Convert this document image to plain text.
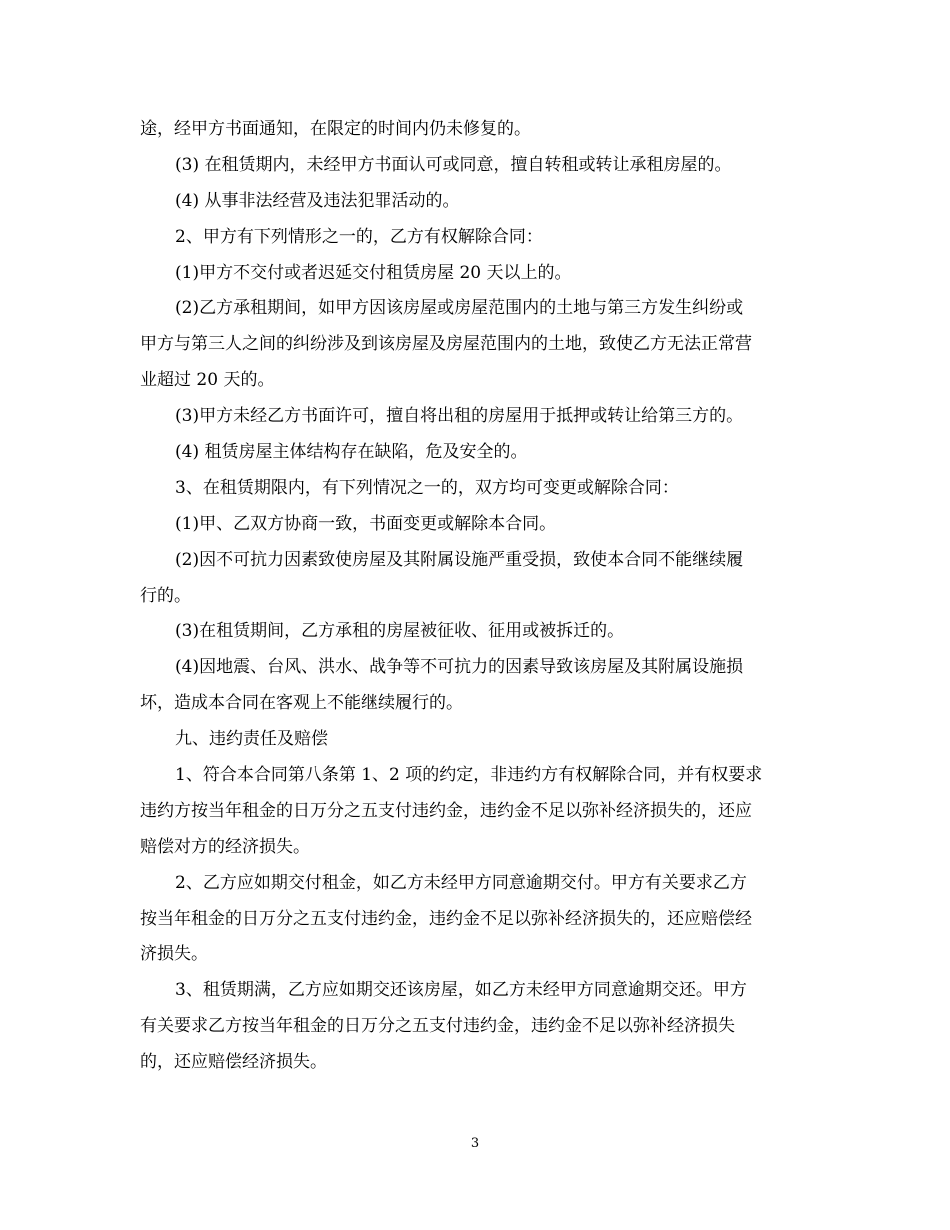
途，经甲方书面通知，在限定的时间内仍未修复的。
(3) 在租赁期内，未经甲方书面认可或同意，擅自转租或转让承租房屋的。
(4) 从事非法经营及违法犯罪活动的。
2、甲方有下列情形之一的，乙方有权解除合同：
(1)甲方不交付或者迟延交付租赁房屋 20 天以上的。
(2)乙方承租期间，如甲方因该房屋或房屋范围内的土地与第三方发生纠纷或
甲方与第三人之间的纠纷涉及到该房屋及房屋范围内的土地，致使乙方无法正常营
业超过 20 天的。
(3)甲方未经乙方书面许可，擅自将出租的房屋用于抵押或转让给第三方的。
(4) 租赁房屋主体结构存在缺陷，危及安全的。
3、在租赁期限内，有下列情况之一的，双方均可变更或解除合同：
(1)甲、乙双方协商一致，书面变更或解除本合同。
(2)因不可抗力因素致使房屋及其附属设施严重受损，致使本合同不能继续履
行的。
(3)在租赁期间，乙方承租的房屋被征收、征用或被拆迁的。
(4)因地震、台风、洪水、战争等不可抗力的因素导致该房屋及其附属设施损
坏，造成本合同在客观上不能继续履行的。
九、违约责任及赔偿
1、符合本合同第八条第 1、2 项的约定，非违约方有权解除合同，并有权要求
违约方按当年租金的日万分之五支付违约金，违约金不足以弥补经济损失的，还应
赔偿对方的经济损失。
2、乙方应如期交付租金，如乙方未经甲方同意逾期交付。甲方有关要求乙方
按当年租金的日万分之五支付违约金，违约金不足以弥补经济损失的，还应赔偿经
济损失。
3、租赁期满，乙方应如期交还该房屋，如乙方未经甲方同意逾期交还。甲方
有关要求乙方按当年租金的日万分之五支付违约金，违约金不足以弥补经济损失
的，还应赔偿经济损失。
3
